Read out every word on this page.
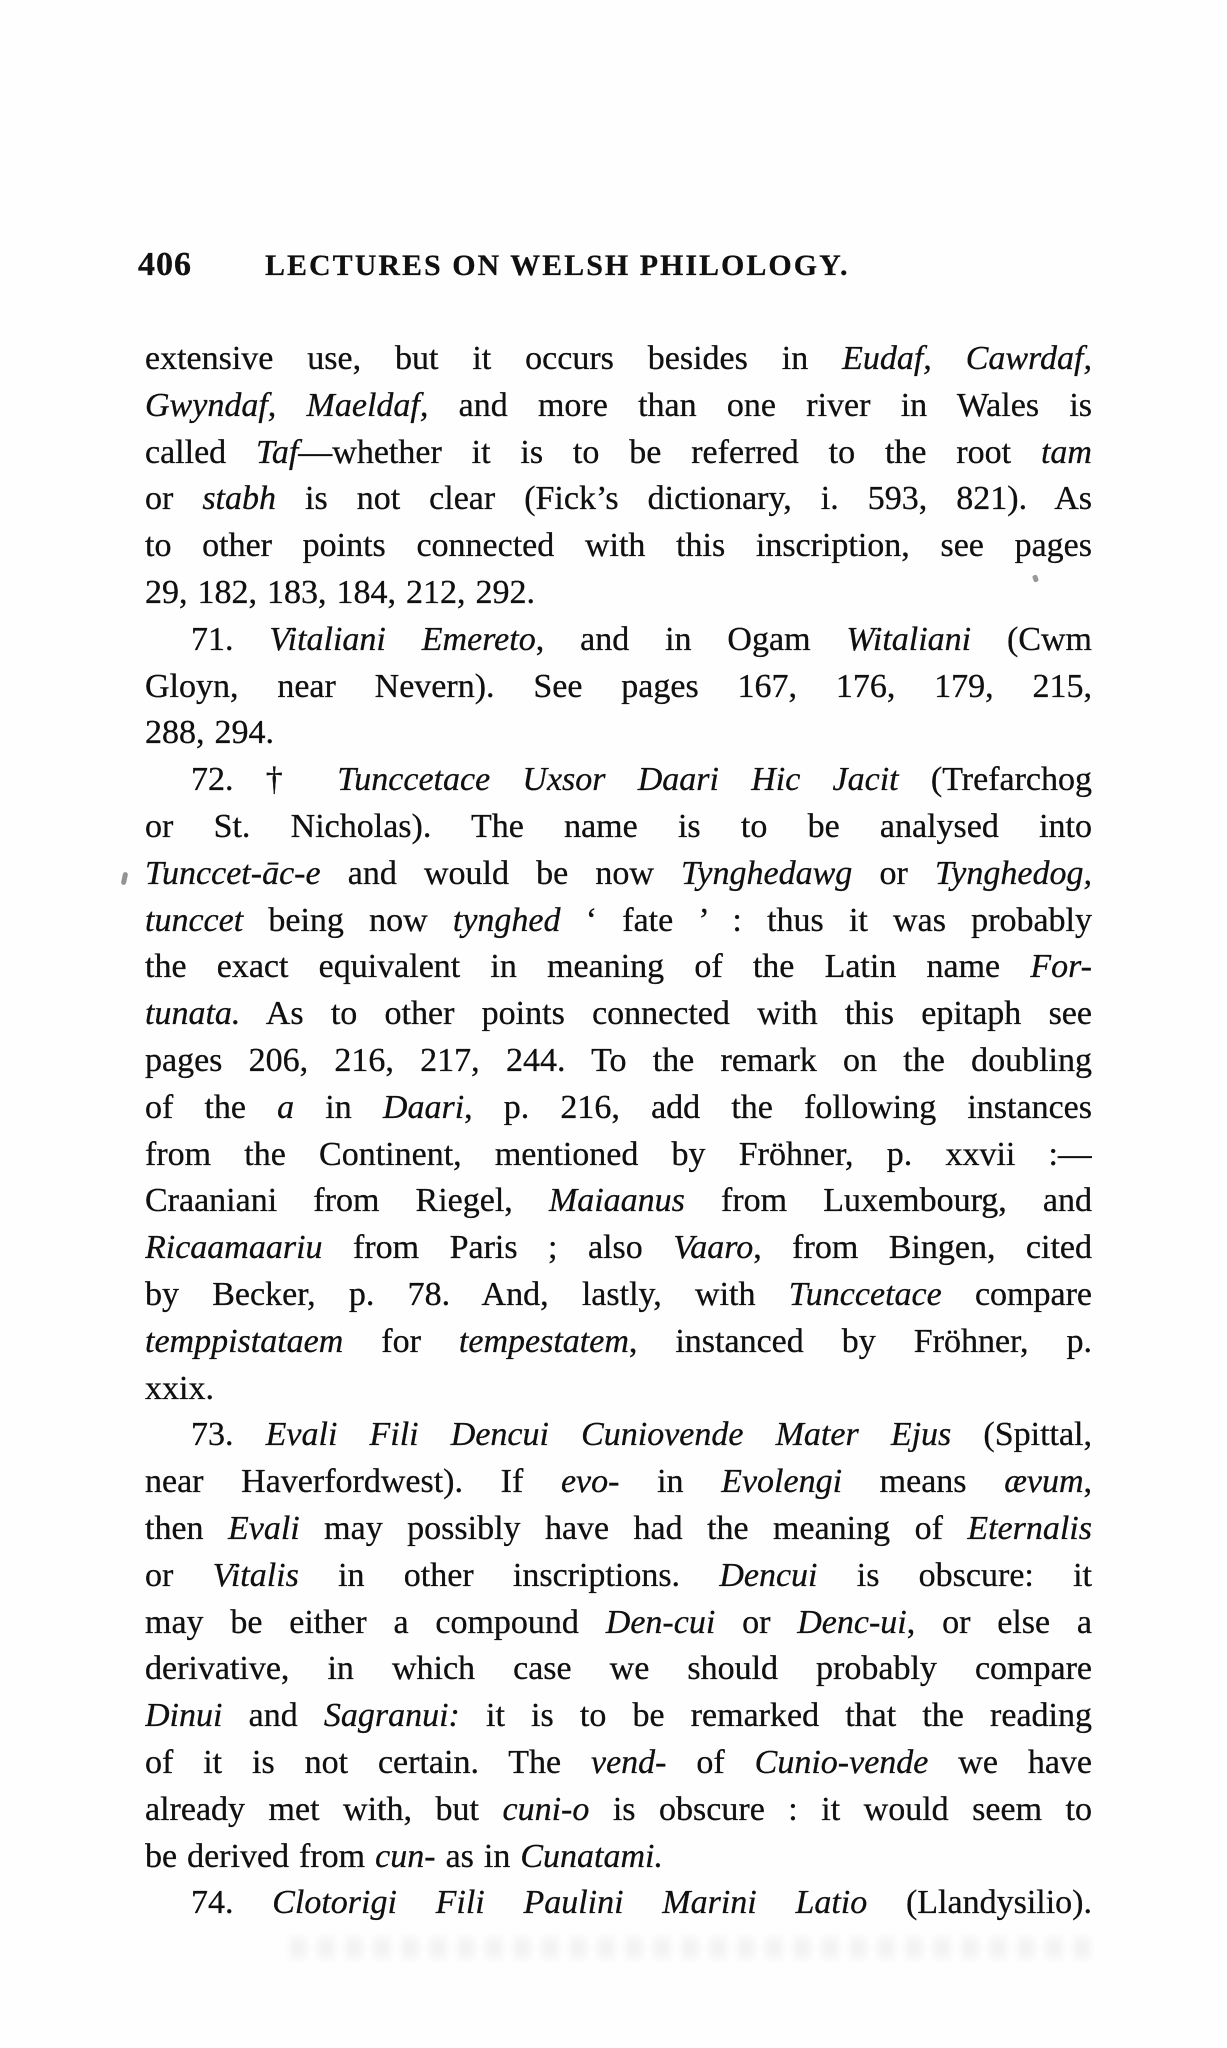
406 LECTURES ON WELSH PHILOLOGY.
extensive use, but it occurs besides in Eudaf, Cawrdaf,
Gwyndaf, Maeldaf, and more than one river in Wales is
called Taf—whether it is to be referred to the root tam
or stabh is not clear (Fick’s dictionary, i. 593, 821). As
to other points connected with this inscription, see pages
29, 182, 183, 184, 212, 292.
71. Vitaliani Emereto, and in Ogam Witaliani (Cwm
Gloyn, near Nevern). See pages 167, 176, 179, 215,
288, 294.
72. † Tunccetace Uxsor Daari Hic Jacit (Trefarchog
or St. Nicholas). The name is to be analysed into
Tunccet-āc-e and would be now Tynghedawg or Tynghedog,
tunccet being now tynghed ‘ fate ’ : thus it was probably
the exact equivalent in meaning of the Latin name For-
tunata. As to other points connected with this epitaph see
pages 206, 216, 217, 244. To the remark on the doubling
of the a in Daari, p. 216, add the following instances
from the Continent, mentioned by Fröhner, p. xxvii :—
Craaniani from Riegel, Maiaanus from Luxembourg, and
Ricaamaariu from Paris ; also Vaaro, from Bingen, cited
by Becker, p. 78. And, lastly, with Tunccetace compare
temppistataem for tempestatem, instanced by Fröhner, p.
xxix.
73. Evali Fili Dencui Cuniovende Mater Ejus (Spittal,
near Haverfordwest). If evo- in Evolengi means ævum,
then Evali may possibly have had the meaning of Eternalis
or Vitalis in other inscriptions. Dencui is obscure: it
may be either a compound Den-cui or Denc-ui, or else a
derivative, in which case we should probably compare
Dinui and Sagranui: it is to be remarked that the reading
of it is not certain. The vend- of Cunio-vende we have
already met with, but cuni-o is obscure : it would seem to
be derived from cun- as in Cunatami.
74. Clotorigi Fili Paulini Marini Latio (Llandysilio).
